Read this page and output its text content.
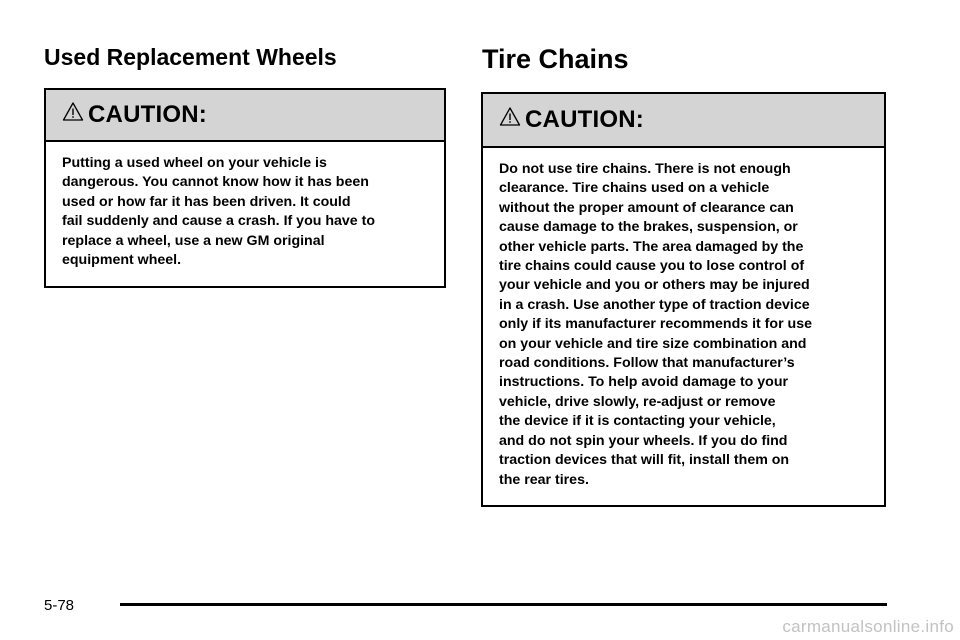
Used Replacement Wheels
CAUTION:

Putting a used wheel on your vehicle is

dangerous. You cannot know how it has been

used or how far it has been driven. It could

fail suddenly and cause a crash. If you have to

replace a wheel, use a new GM original

equipment wheel.

Tire Chains
CAUTION:

Do not use tire chains. There is not enough

clearance. Tire chains used on a vehicle

without the proper amount of clearance can

cause damage to the brakes, suspension, or

other vehicle parts. The area damaged by the

tire chains could cause you to lose control of

your vehicle and you or others may be injured

in a crash. Use another type of traction device

only if its manufacturer recommends it for use

on your vehicle and tire size combination and

road conditions. Follow that manufacturer’s

instructions. To help avoid damage to your

vehicle, drive slowly, re-adjust or remove

the device if it is contacting your vehicle,

and do not spin your wheels. If you do find

traction devices that will fit, install them on

the rear tires.

5-78
carmanualsonline.info
